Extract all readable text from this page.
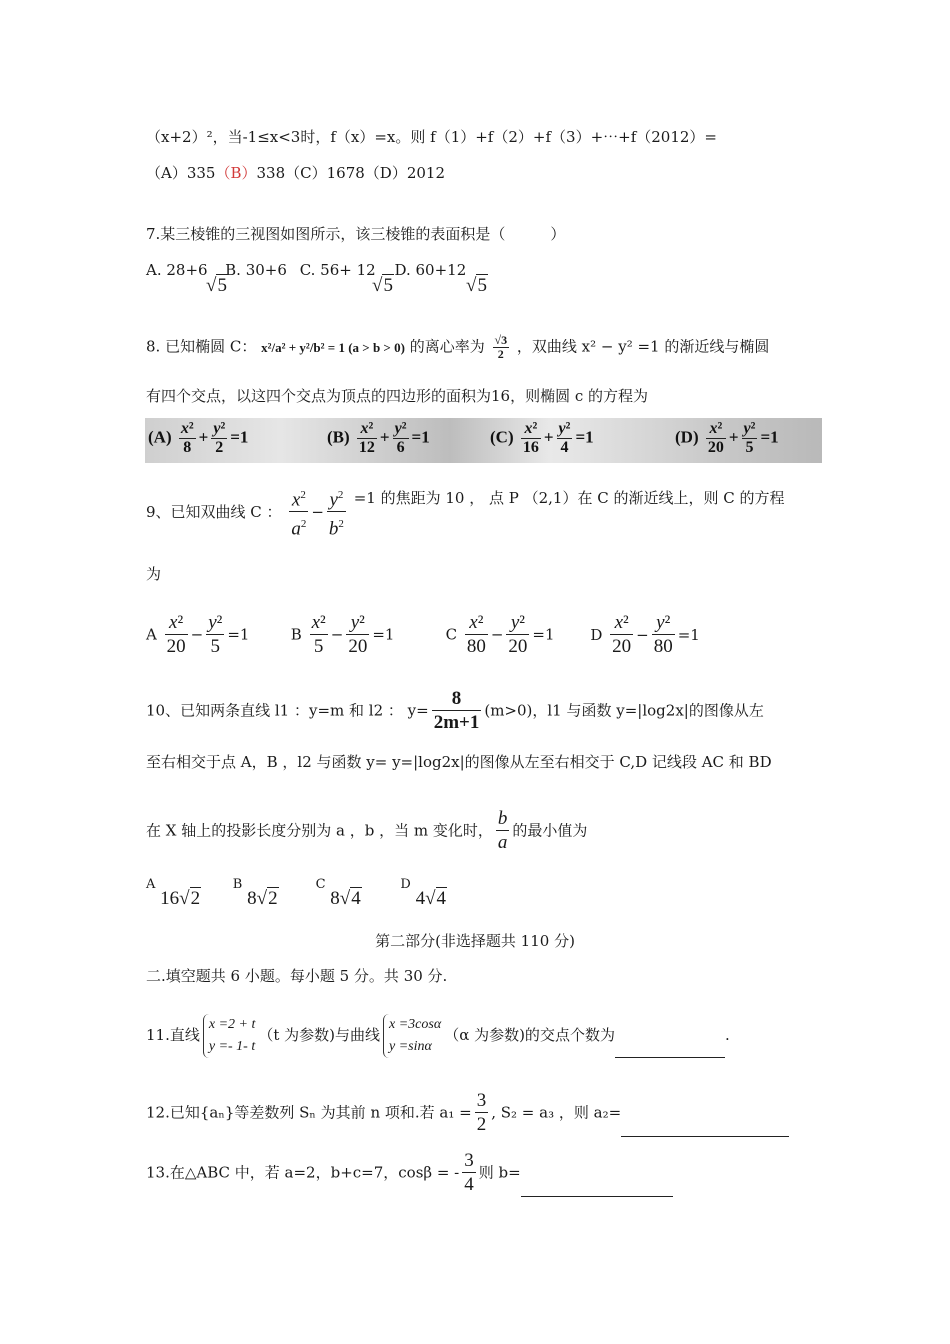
（x+2）²，当-1≤x<3时，f（x）=x。则 f（1）+f（2）+f（3）+⋯+f（2012）=
（A）335（B）338（C）1678（D）2012
7.某三棱锥的三视图如图所示，该三棱锥的表面积是（　　　）
A. 28+6 B. 30+6 C. 56+ 12 D. 60+12
√5	√5	√5
8. 已知椭圆 C： x²/a² + y²/b² = 1 (a > b > 0) 的离心率为 $\frac{√3}{2}$ ，双曲线 x² − y² =1 的渐近线与椭圆
有四个交点，以这四个交点为顶点的四边形的面积为16，则椭圆 c 的方程为
$(A) \frac{\text{x²}}{8} + \frac{\text{y²}}{2} =1$	$(B) \frac{\text{x²}}{12} + \frac{\text{y²}}{6} =1$	$(C) \frac{\text{x²}}{16} + \frac{\text{y²}}{4} =1$	$(D) \frac{\text{x²}}{20} + \frac{\text{y²}}{5} =1$
9、已知双曲线 C ： $\frac{x^2}{a^2} - \frac{y^2}{b^2} =1$ 的焦距为 10 ， 点 P （2,1）在 C 的渐近线上，则 C 的方程
为
A $\frac{\text{x²}}{20} - \frac{\text{y²}}{5} =1$	B $\frac{\text{x²}}{5} - \frac{\text{y²}}{20} =1$	C $\frac{\text{x²}}{80} - \frac{\text{y²}}{20} =1$ D $\frac{\text{x²}}{20} - \frac{\text{y²}}{80} =1$
10、已知两条直线 l1 ：y=m 和 l2 ： $y= \frac{8}{2m+1} (m>0)$，l1 与函数 y=|log2x|的图像从左
至右相交于点 A，B ，l2 与函数 y= y=|log2x|的图像从左至右相交于 C,D 记线段 AC 和 BD
在 X 轴上的投影长度分别为 a ，b ，当 m 变化时， $\frac{b}{a}$ 的最小值为
A 16√2 B 8√2 C 8√4 D 4√4
第二部分(非选择题共 110 分)
二.填空题共 6 小题。每小题 5 分。共 30 分.
11.直线
x =2 + t
y =- 1- t
（t 为参数)与曲线
x =3cosα
y =sinα
（α 为参数)的交点个数为	.
12.已知{aₙ}等差数列 Sₙ 为其前 n 项和.若 $a_1 = \frac{3}{2}$ , S₂ = a₃ ，则 a₂=
13.在△ABC 中，若 a=2，b+c=7，cosβ = - $\frac{3}{4}$ 则 b=
